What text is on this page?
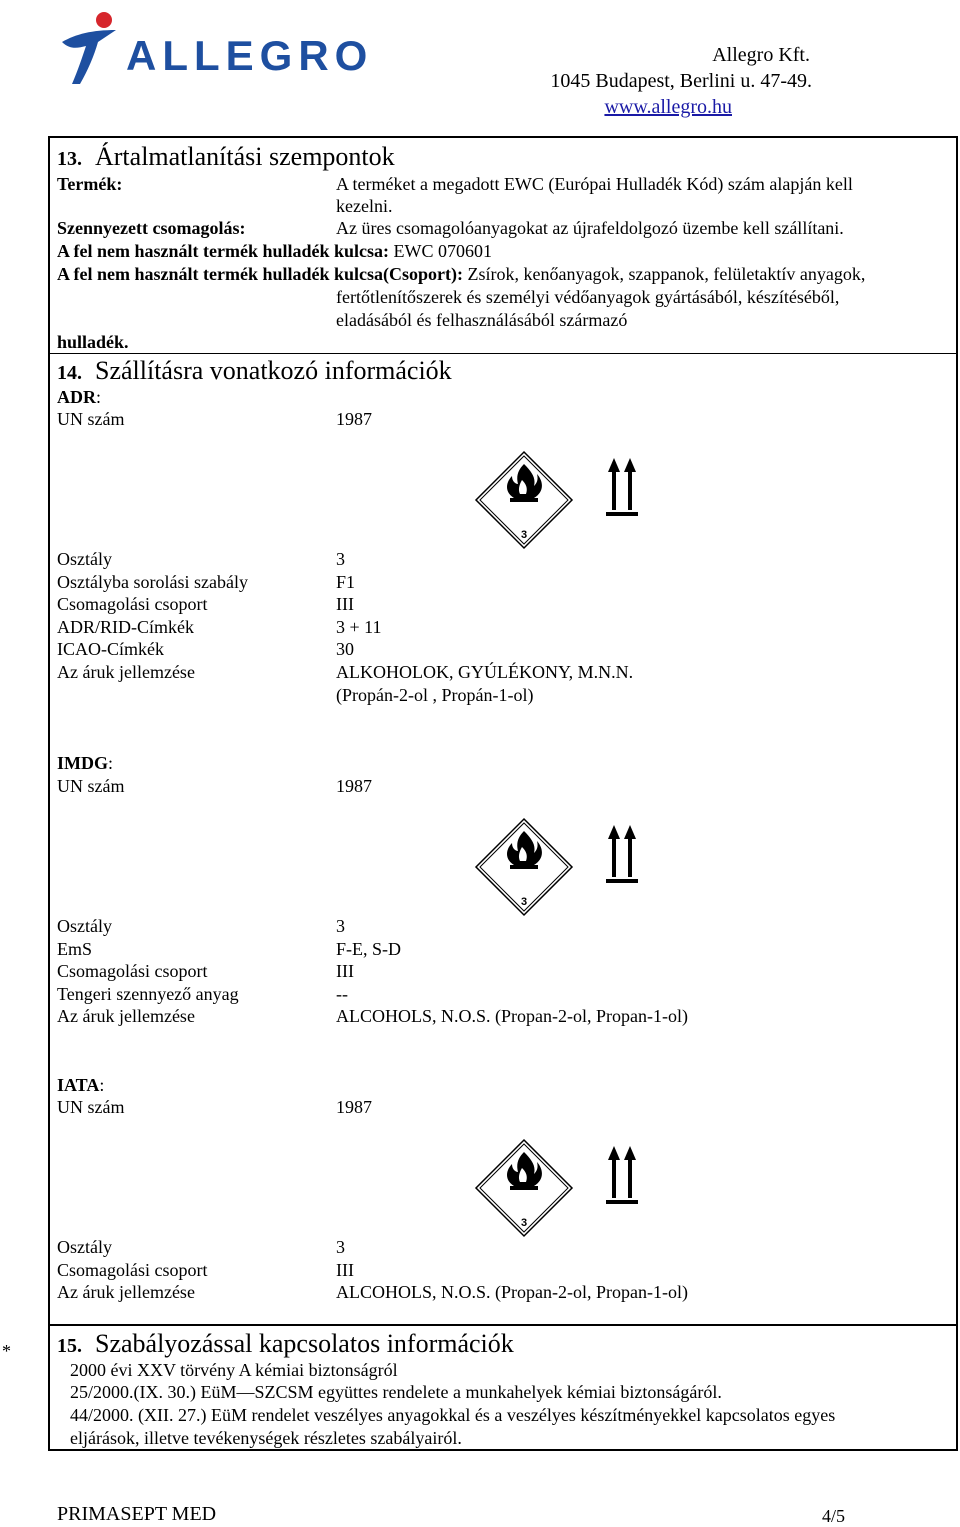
ALLEGRO	Allegro Kft.
1045 Budapest, Berlini u. 47-49.
www.allegro.hu
13. Ártalmatlanítási szempontok
Termék:	A terméket a megadott EWC (Európai Hulladék Kód) szám alapján kell
kezelni.
Szennyezett csomagolás:	Az üres csomagolóanyagokat az újrafeldolgozó üzembe kell szállítani.
A fel nem használt termék hulladék kulcsa: EWC 070601
A fel nem használt termék hulladék kulcsa(Csoport): Zsírok, kenőanyagok, szappanok, felületaktív anyagok,
fertőtlenítőszerek és személyi védőanyagok gyártásából, készítéséből,
eladásából és felhasználásából származó
hulladék.
14. Szállításra vonatkozó információk
ADR:
UN szám	1987
3
Osztály	3
Osztályba sorolási szabály	F1
Csomagolási csoport	III
ADR/RID-Címkék	3 + 11
ICAO-Címkék	30
Az áruk jellemzése	ALKOHOLOK, GYÚLÉKONY, M.N.N.
(Propán-2-ol , Propán-1-ol)
IMDG:
UN szám	1987
3
Osztály	3
EmS	F-E, S-D
Csomagolási csoport	III
Tengeri szennyező anyag	--
Az áruk jellemzése	ALCOHOLS, N.O.S. (Propan-2-ol, Propan-1-ol)
IATA:
UN szám	1987
3
Osztály	3
Csomagolási csoport	III
Az áruk jellemzése	ALCOHOLS, N.O.S. (Propan-2-ol, Propan-1-ol)
* 15. Szabályozással kapcsolatos információk
2000 évi XXV törvény A kémiai biztonságról
25/2000.(IX. 30.) EüM—SZCSM együttes rendelete a munkahelyek kémiai biztonságáról.
44/2000. (XII. 27.) EüM rendelet veszélyes anyagokkal és a veszélyes készítményekkel kapcsolatos egyes
eljárások, illetve tevékenységek részletes szabályairól.
PRIMASEPT MED	4/5
